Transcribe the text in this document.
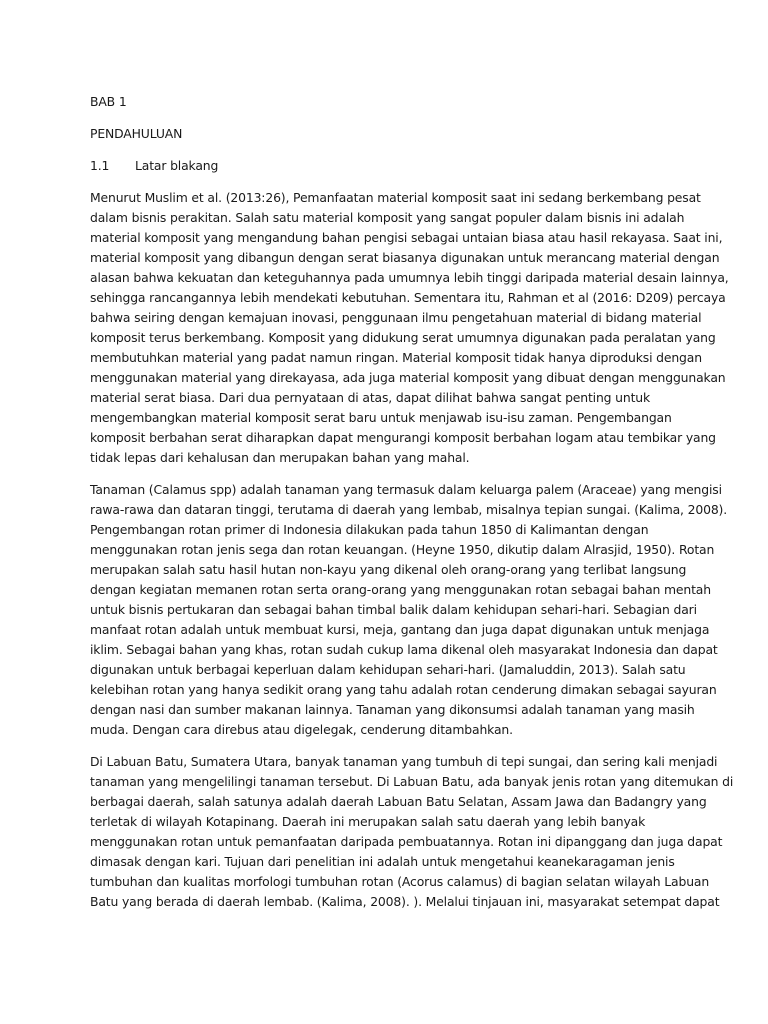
BAB 1
PENDAHULUAN
1.1	Latar blakang
Menurut Muslim et al. (2013:26), Pemanfaatan material komposit saat ini sedang berkembang pesat
dalam bisnis perakitan. Salah satu material komposit yang sangat populer dalam bisnis ini adalah
material komposit yang mengandung bahan pengisi sebagai untaian biasa atau hasil rekayasa. Saat ini,
material komposit yang dibangun dengan serat biasanya digunakan untuk merancang material dengan
alasan bahwa kekuatan dan keteguhannya pada umumnya lebih tinggi daripada material desain lainnya,
sehingga rancangannya lebih mendekati kebutuhan. Sementara itu, Rahman et al (2016: D209) percaya
bahwa seiring dengan kemajuan inovasi, penggunaan ilmu pengetahuan material di bidang material
komposit terus berkembang. Komposit yang didukung serat umumnya digunakan pada peralatan yang
membutuhkan material yang padat namun ringan. Material komposit tidak hanya diproduksi dengan
menggunakan material yang direkayasa, ada juga material komposit yang dibuat dengan menggunakan
material serat biasa. Dari dua pernyataan di atas, dapat dilihat bahwa sangat penting untuk
mengembangkan material komposit serat baru untuk menjawab isu-isu zaman. Pengembangan
komposit berbahan serat diharapkan dapat mengurangi komposit berbahan logam atau tembikar yang
tidak lepas dari kehalusan dan merupakan bahan yang mahal.
Tanaman (Calamus spp) adalah tanaman yang termasuk dalam keluarga palem (Araceae) yang mengisi
rawa-rawa dan dataran tinggi, terutama di daerah yang lembab, misalnya tepian sungai. (Kalima, 2008).
Pengembangan rotan primer di Indonesia dilakukan pada tahun 1850 di Kalimantan dengan
menggunakan rotan jenis sega dan rotan keuangan. (Heyne 1950, dikutip dalam Alrasjid, 1950). Rotan
merupakan salah satu hasil hutan non-kayu yang dikenal oleh orang-orang yang terlibat langsung
dengan kegiatan memanen rotan serta orang-orang yang menggunakan rotan sebagai bahan mentah
untuk bisnis pertukaran dan sebagai bahan timbal balik dalam kehidupan sehari-hari. Sebagian dari
manfaat rotan adalah untuk membuat kursi, meja, gantang dan juga dapat digunakan untuk menjaga
iklim. Sebagai bahan yang khas, rotan sudah cukup lama dikenal oleh masyarakat Indonesia dan dapat
digunakan untuk berbagai keperluan dalam kehidupan sehari-hari. (Jamaluddin, 2013). Salah satu
kelebihan rotan yang hanya sedikit orang yang tahu adalah rotan cenderung dimakan sebagai sayuran
dengan nasi dan sumber makanan lainnya. Tanaman yang dikonsumsi adalah tanaman yang masih
muda. Dengan cara direbus atau digelegak, cenderung ditambahkan.
Di Labuan Batu, Sumatera Utara, banyak tanaman yang tumbuh di tepi sungai, dan sering kali menjadi
tanaman yang mengelilingi tanaman tersebut. Di Labuan Batu, ada banyak jenis rotan yang ditemukan di
berbagai daerah, salah satunya adalah daerah Labuan Batu Selatan, Assam Jawa dan Badangry yang
terletak di wilayah Kotapinang. Daerah ini merupakan salah satu daerah yang lebih banyak
menggunakan rotan untuk pemanfaatan daripada pembuatannya. Rotan ini dipanggang dan juga dapat
dimasak dengan kari. Tujuan dari penelitian ini adalah untuk mengetahui keanekaragaman jenis
tumbuhan dan kualitas morfologi tumbuhan rotan (Acorus calamus) di bagian selatan wilayah Labuan
Batu yang berada di daerah lembab. (Kalima, 2008). ). Melalui tinjauan ini, masyarakat setempat dapat
